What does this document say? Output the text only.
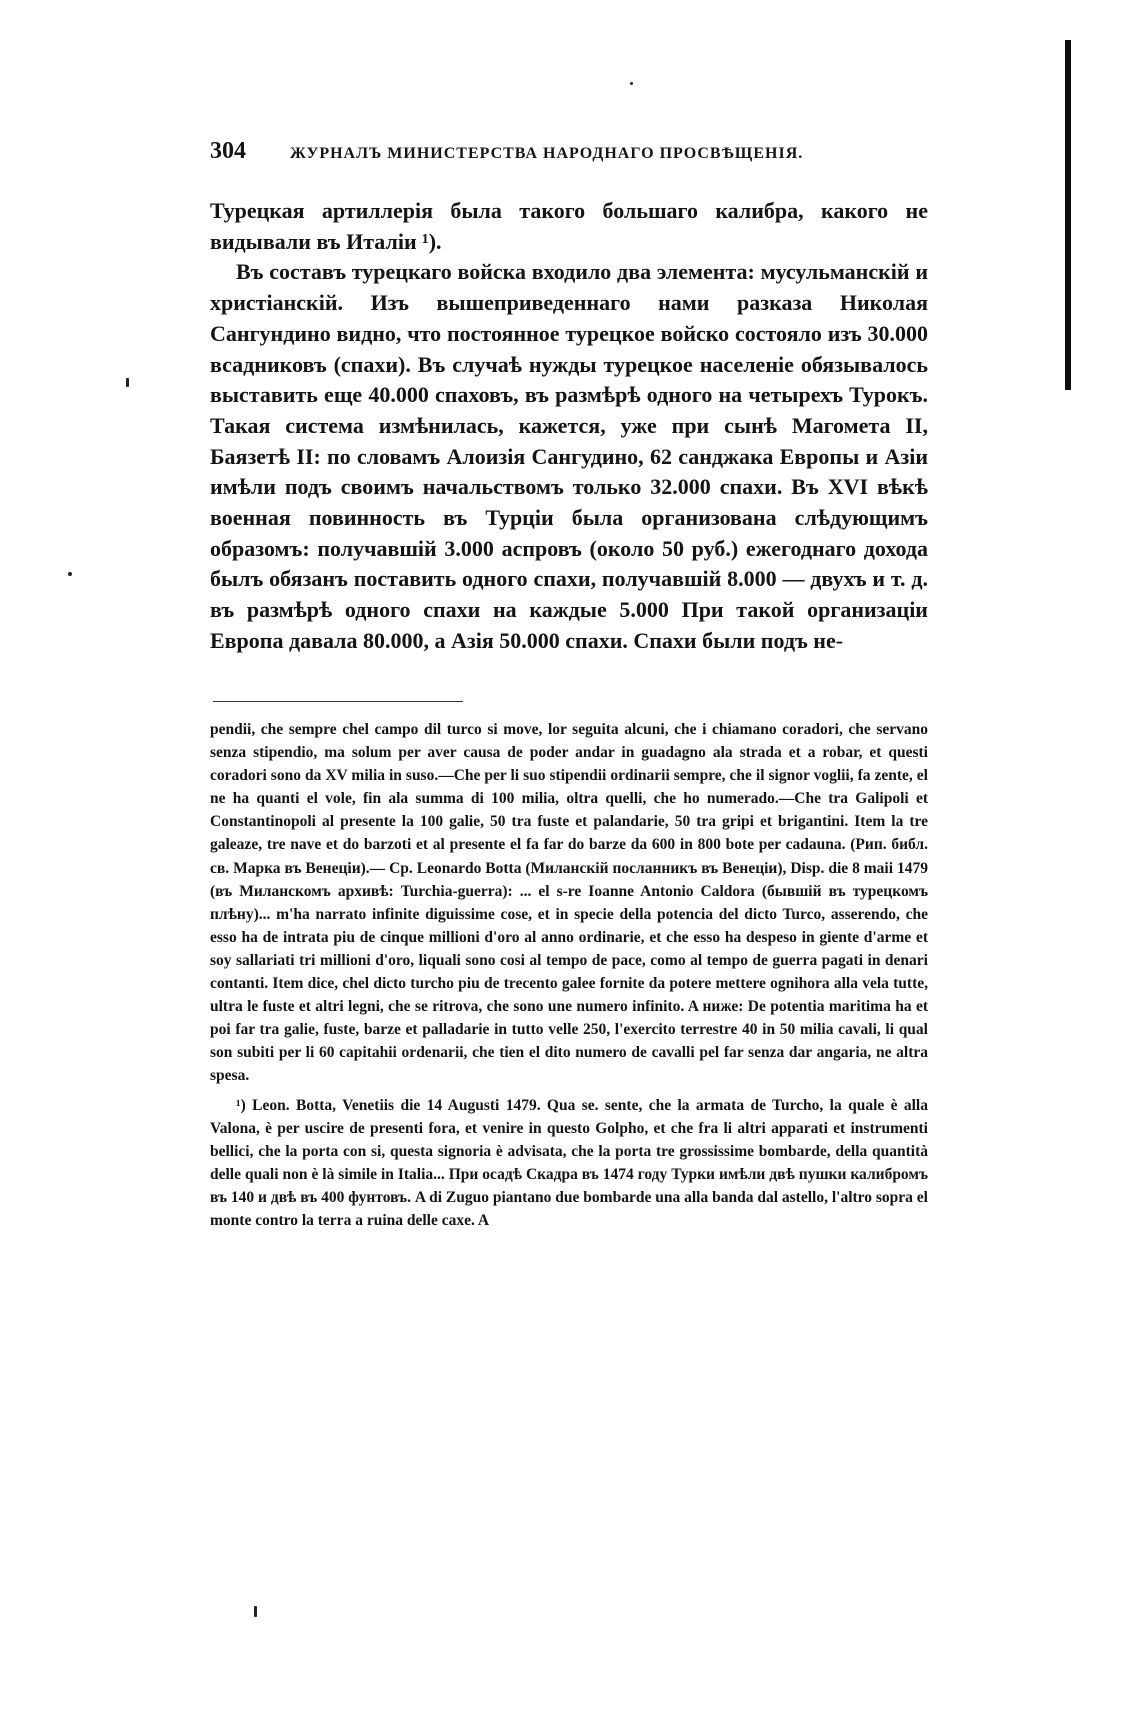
304	ЖУРНАЛЪ МИНИСТЕРСТВА НАРОДНАГО ПРОСВѢЩЕНІЯ.

Турецкая артиллерія была такого большаго калибра, какого не видывали въ Италіи ¹).

Въ составъ турецкаго войска входило два элемента: мусульманскій и христіанскій. Изъ вышеприведеннаго нами разказа Николая Сангундино видно, что постоянное турецкое войско состояло изъ 30.000 всадниковъ (спахи). Въ случаѣ нужды турецкое населеніе обязывалось выставить еще 40.000 спаховъ, въ размѣрѣ одного на четырехъ Турокъ. Такая система измѣнилась, кажется, уже при сынѣ Магомета II, Баязетѣ II: по словамъ Алоизія Сангудино, 62 санджака Европы и Азіи имѣли подъ своимъ начальствомъ только 32.000 спахи. Въ XVI вѣкѣ военная повинность въ Турціи была организована слѣдующимъ образомъ: получавшій 3.000 аспровъ (около 50 руб.) ежегоднаго дохода былъ обязанъ поставить одного спахи, получавшій 8.000 — двухъ и т. д. въ размѣрѣ одного спахи на каждые 5.000 При такой организаціи Европа давала 80.000, а Азія 50.000 спахи. Спахи были подъ не-

pendii, che sempre chel campo dil turco si move, lor seguita alcuni, che i chiamano coradori, che servano senza stipendio, ma solum per aver causa de poder andar in guadagno ala strada et a robar, et questi coradori sono da XV milia in suso.—Che per li suo stipendii ordinarii sempre, che il signor voglii, fa zente, el ne ha quanti el vole, fin ala summa di 100 milia, oltra quelli, che ho numerado.—Che tra Galipoli et Constantinopoli al presente la 100 galie, 50 tra fuste et palandarie, 50 tra gripi et brigantini. Item la tre galeaze, tre nave et do barzoti et al presente el fa far do barze da 600 in 800 bote per cadauna. (Рип. библ. св. Марка въ Венеціи).— Ср. Leonardo Botta (Миланскій посланникъ въ Венеціи), Disp. die 8 maii 1479 (въ Миланскомъ архивѣ: Turchia-guerra): ... el s-re Ioanne Antonio Caldora (бывшій въ турецкомъ плѣну)... m'ha narrato infinite diguissime cose, et in specie della potencia del dicto Turco, asserendo, che esso ha de intrata piu de cinque millioni d'oro al anno ordinarie, et che esso ha despeso in giente d'arme et soy sallariati tri millioni d'oro, liquali sono cosi al tempo de pace, como al tempo de guerra pagati in denari contanti. Item dice, chel dicto turcho piu de trecento galee fornite da potere mettere ognihora alla vela tutte, ultra le fuste et altri legni, che se ritrova, che sono une numero infinito. A ниже: De potentia maritima ha et poi far tra galie, fuste, barze et palladarie in tutto velle 250, l'exercito terrestre 40 in 50 milia cavali, li qual son subiti per li 60 capitahii ordenarii, che tien el dito numero de cavalli pel far senza dar angaria, ne altra spesa.

¹) Leon. Botta, Venetiis die 14 Augusti 1479. Qua se. sente, che la armata de Turcho, la quale è alla Valona, è per uscire de presenti fora, et venire in questo Golpho, et che fra li altri apparati et instrumenti bellici, che la porta con si, questa signoria è advisata, che la porta tre grossissime bombarde, della quantità delle quali non è là simile in Italia... При осадѣ Скадра въ 1474 году Турки имѣли двѣ пушки калибромъ въ 140 и двѣ въ 400 фунтовъ. A di Zuguo piantano due bombarde una alla banda dal astello, l'altro sopra el monte contro la terra a ruina delle caxe. A
